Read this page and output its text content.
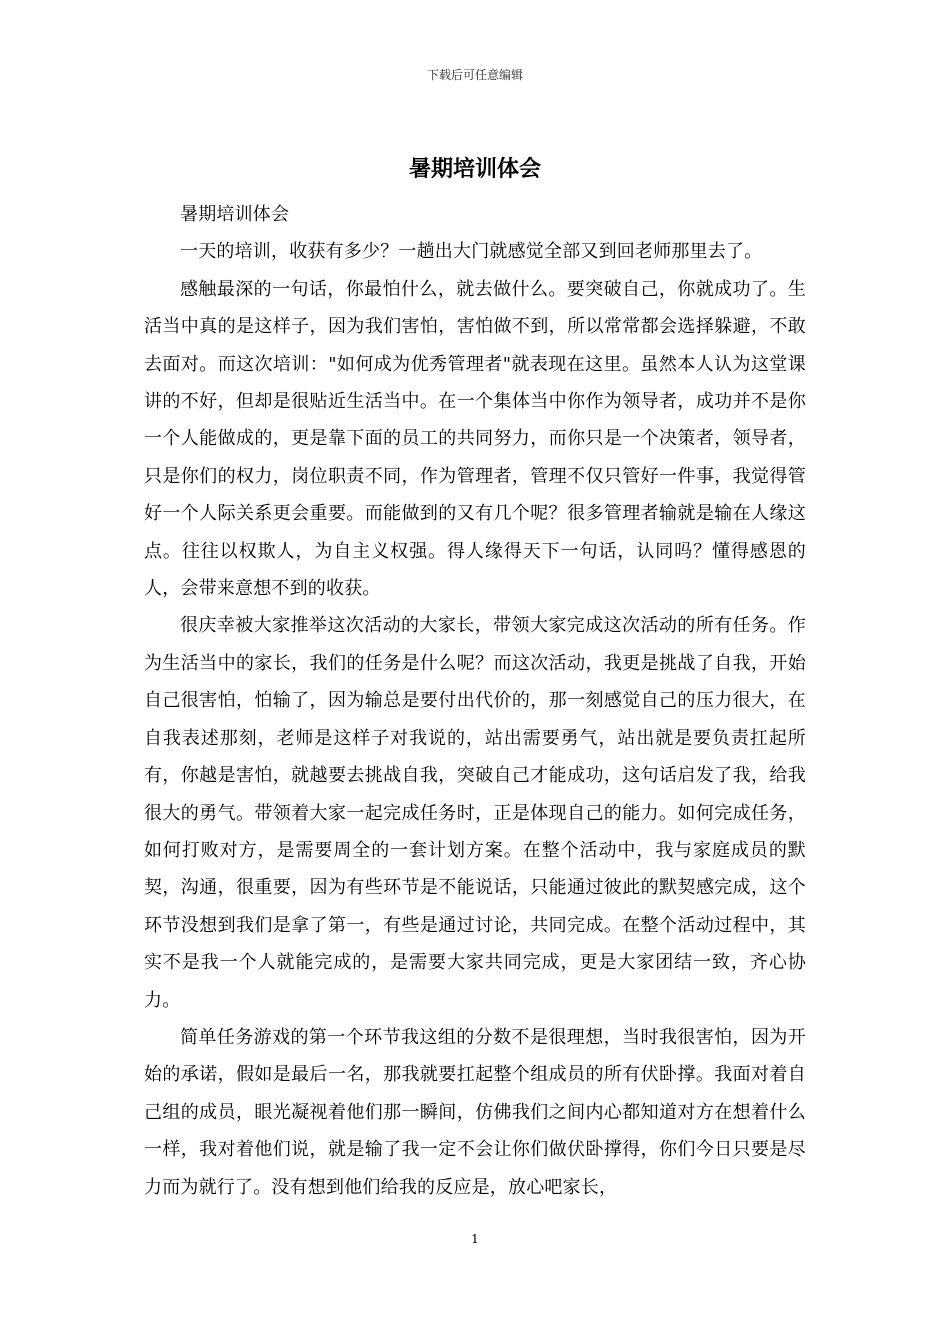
下载后可任意编辑
暑期培训体会

暑期培训体会

一天的培训，收获有多少？一趟出大门就感觉全部又到回老师那里去了。

感触最深的一句话，你最怕什么，就去做什么。要突破自己，你就成功了。生活当中真的是这样子，因为我们害怕，害怕做不到，所以常常都会选择躲避，不敢去面对。而这次培训："如何成为优秀管理者"就表现在这里。虽然本人认为这堂课讲的不好，但却是很贴近生活当中。在一个集体当中你作为领导者，成功并不是你一个人能做成的，更是靠下面的员工的共同努力，而你只是一个决策者，领导者，只是你们的权力，岗位职责不同，作为管理者，管理不仅只管好一件事，我觉得管好一个人际关系更会重要。而能做到的又有几个呢？很多管理者输就是输在人缘这点。往往以权欺人，为自主义权强。得人缘得天下一句话，认同吗？懂得感恩的人，会带来意想不到的收获。

很庆幸被大家推举这次活动的大家长，带领大家完成这次活动的所有任务。作为生活当中的家长，我们的任务是什么呢？而这次活动，我更是挑战了自我，开始自己很害怕，怕输了，因为输总是要付出代价的，那一刻感觉自己的压力很大，在自我表述那刻，老师是这样子对我说的，站出需要勇气，站出就是要负责扛起所有，你越是害怕，就越要去挑战自我，突破自己才能成功，这句话启发了我，给我很大的勇气。带领着大家一起完成任务时，正是体现自己的能力。如何完成任务，如何打败对方，是需要周全的一套计划方案。在整个活动中，我与家庭成员的默契，沟通，很重要，因为有些环节是不能说话，只能通过彼此的默契感完成，这个环节没想到我们是拿了第一，有些是通过讨论，共同完成。在整个活动过程中，其实不是我一个人就能完成的，是需要大家共同完成，更是大家团结一致，齐心协力。

简单任务游戏的第一个环节我这组的分数不是很理想，当时我很害怕，因为开始的承诺，假如是最后一名，那我就要扛起整个组成员的所有伏卧撑。我面对着自己组的成员，眼光凝视着他们那一瞬间，仿佛我们之间内心都知道对方在想着什么一样，我对着他们说，就是输了我一定不会让你们做伏卧撑得，你们今日只要是尽力而为就行了。没有想到他们给我的反应是，放心吧家长，

1
